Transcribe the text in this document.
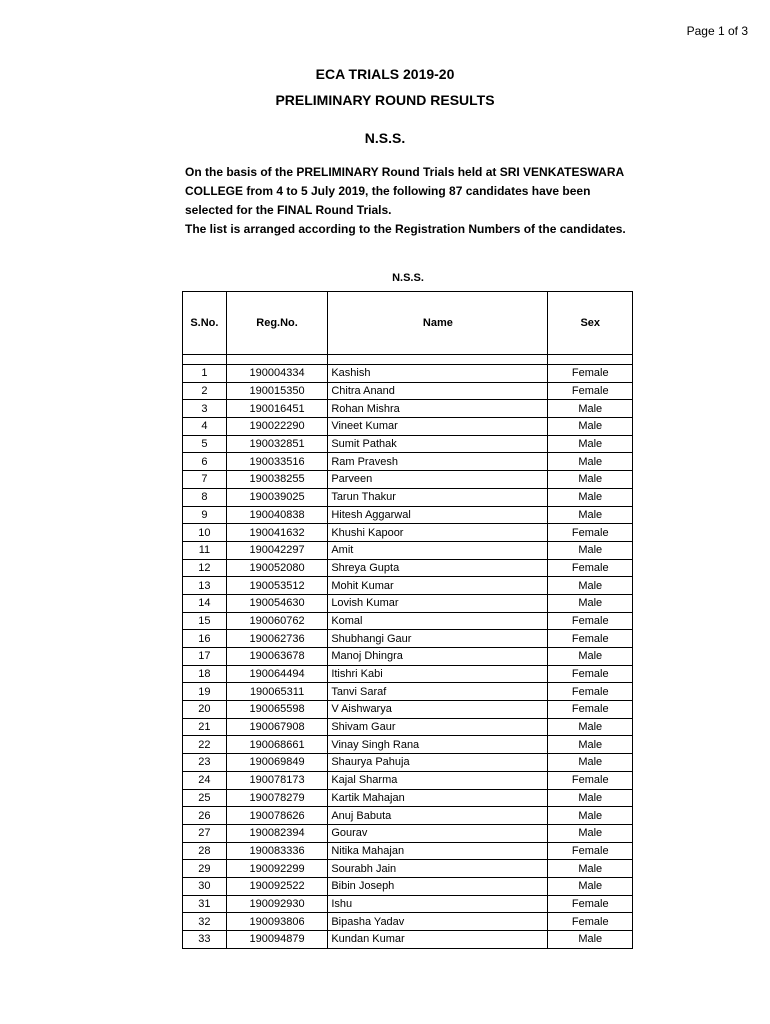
Page 1 of 3
ECA TRIALS 2019-20
PRELIMINARY ROUND RESULTS
N.S.S.

On the basis of the PRELIMINARY Round Trials held at SRI VENKATESWARA

COLLEGE from 4 to 5 July 2019, the following 87 candidates have been

selected for the FINAL Round Trials.

The list is arranged according to the Registration Numbers of the candidates.

N.S.S.
S.No.	Reg.No.	Name	Sex

1	190004334	Kashish	Female
2	190015350	Chitra Anand	Female
3	190016451	Rohan Mishra	Male
4	190022290	Vineet Kumar	Male
5	190032851	Sumit Pathak	Male
6	190033516	Ram Pravesh	Male
7	190038255	Parveen	Male
8	190039025	Tarun Thakur	Male
9	190040838	Hitesh Aggarwal	Male
10	190041632	Khushi Kapoor	Female
11	190042297	Amit	Male
12	190052080	Shreya Gupta	Female
13	190053512	Mohit Kumar	Male
14	190054630	Lovish Kumar	Male
15	190060762	Komal	Female
16	190062736	Shubhangi Gaur	Female
17	190063678	Manoj Dhingra	Male
18	190064494	Itishri Kabi	Female
19	190065311	Tanvi Saraf	Female
20	190065598	V Aishwarya	Female
21	190067908	Shivam Gaur	Male
22	190068661	Vinay Singh Rana	Male
23	190069849	Shaurya Pahuja	Male
24	190078173	Kajal Sharma	Female
25	190078279	Kartik Mahajan	Male
26	190078626	Anuj Babuta	Male
27	190082394	Gourav	Male
28	190083336	Nitika Mahajan	Female
29	190092299	Sourabh Jain	Male
30	190092522	Bibin Joseph	Male
31	190092930	Ishu	Female
32	190093806	Bipasha Yadav	Female
33	190094879	Kundan Kumar	Male
